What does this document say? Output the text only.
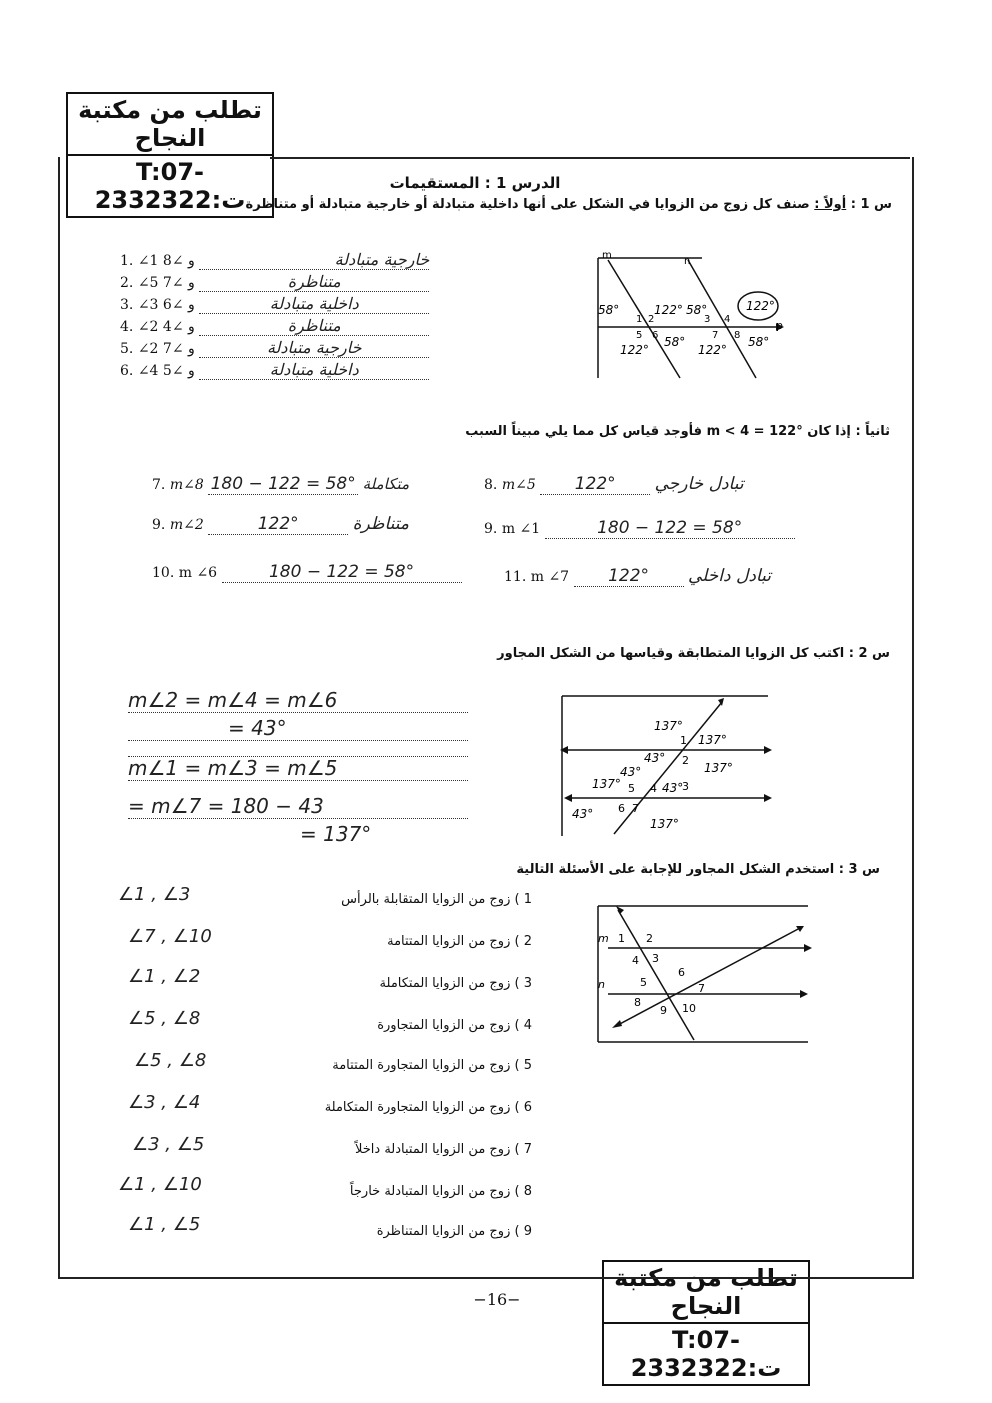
تطلب من مكتبة النجاح
T:07-2332322:ت
تطلب من مكتبة النجاح
T:07-2332322:ت
الدرس 1 : المستقيمات
س 1 : أولاً : صنف كل زوج من الزوايا في الشكل على أنها داخلية متبادلة أو خارجية متبادلة أو متناظرة
1. ∠1 و ∠8	خارجية متبادلة
2. ∠5 و ∠7	متناظرة
3. ∠3 و ∠6	داخلية متبادلة
4. ∠2 و ∠4	متناظرة
5. ∠2 و ∠7	خارجية متبادلة
6. ∠4 و ∠5	داخلية متبادلة
m
n
p
1 2	3 4
5 6	7 8
58°	122° 58°	122°
122°
58°
122°
58°
ثانياً : إذا كان m < 4 = 122° فأوجد قياس كل مما يلي مبيناً السبب
7. m∠8 180 − 122 = 58° متكاملة	8. m∠5 122° تبادل خارجي
9. m∠2	122°	متناظرة	9. m ∠1	180 − 122 = 58°
10. m ∠6	180 − 122 = 58°	11. m ∠7 122° تبادل داخلي
س 2 : اكتب كل الزوايا المتطابقة وقياسها من الشكل المجاور
m∠2 = m∠4 = m∠6
= 43°
m∠1 = m∠3 = m∠5
= m∠7 = 180 − 43
= 137°
1
2
3
4
5
6 7
137°
137°
43°
43°
137°
137°
43°
43°
137°
س 3 : استخدم الشكل المجاور للإجابة على الأسئلة التالية
∠1 , ∠3	1 ) زوج من الزوايا المتقابلة بالرأس
∠7 , ∠10	2 ) زوج من الزوايا المتتامة
∠1 , ∠2	3 ) زوج من الزوايا المتكاملة
∠5 , ∠8	4 ) زوج من الزوايا المتجاورة
∠5 , ∠8	5 ) زوج من الزوايا المتجاورة المتتامة
∠3 , ∠4	6 ) زوج من الزوايا المتجاورة المتكاملة
∠3 , ∠5	7 ) زوج من الزوايا المتبادلة داخلاً
∠1 , ∠10	8 ) زوج من الزوايا المتبادلة خارجاً
∠1 , ∠5	9 ) زوج من الزوايا المتناظرة
m
n
1 2
3
4
5
6
7
8
9 10
−16−
